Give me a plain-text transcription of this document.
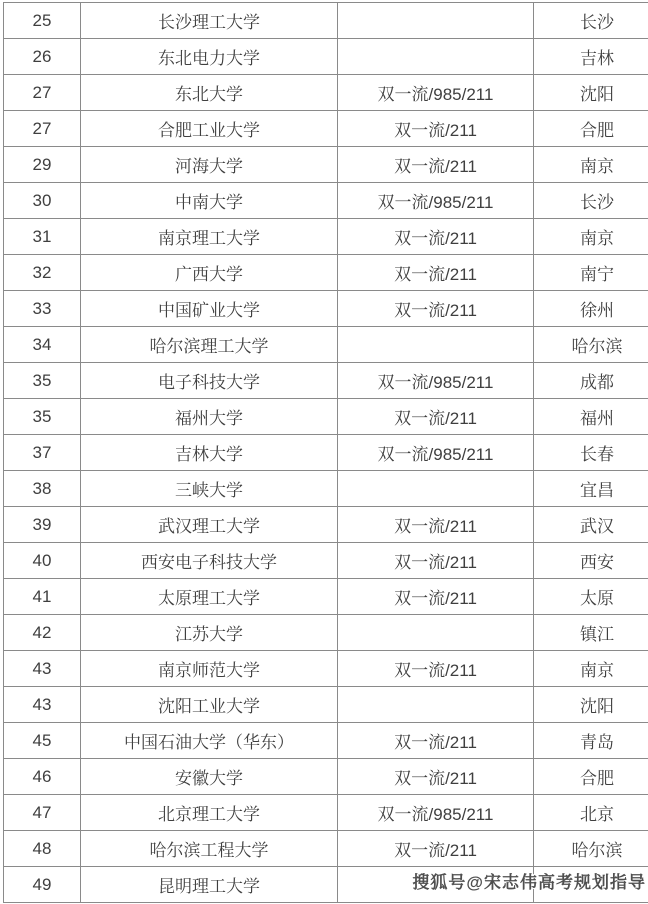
25	长沙理工大学		长沙
26	东北电力大学		吉林
27	东北大学	双一流/985/211	沈阳
27	合肥工业大学	双一流/211	合肥
29	河海大学	双一流/211	南京
30	中南大学	双一流/985/211	长沙
31	南京理工大学	双一流/211	南京
32	广西大学	双一流/211	南宁
33	中国矿业大学	双一流/211	徐州
34	哈尔滨理工大学		哈尔滨
35	电子科技大学	双一流/985/211	成都
35	福州大学	双一流/211	福州
37	吉林大学	双一流/985/211	长春
38	三峡大学		宜昌
39	武汉理工大学	双一流/211	武汉
40	西安电子科技大学	双一流/211	西安
41	太原理工大学	双一流/211	太原
42	江苏大学		镇江
43	南京师范大学	双一流/211	南京
43	沈阳工业大学		沈阳
45	中国石油大学（华东）	双一流/211	青岛
46	安徽大学	双一流/211	合肥
47	北京理工大学	双一流/985/211	北京
48	哈尔滨工程大学	双一流/211	哈尔滨
49	昆明理工大学			搜狐号@宋志伟高考规划指导
